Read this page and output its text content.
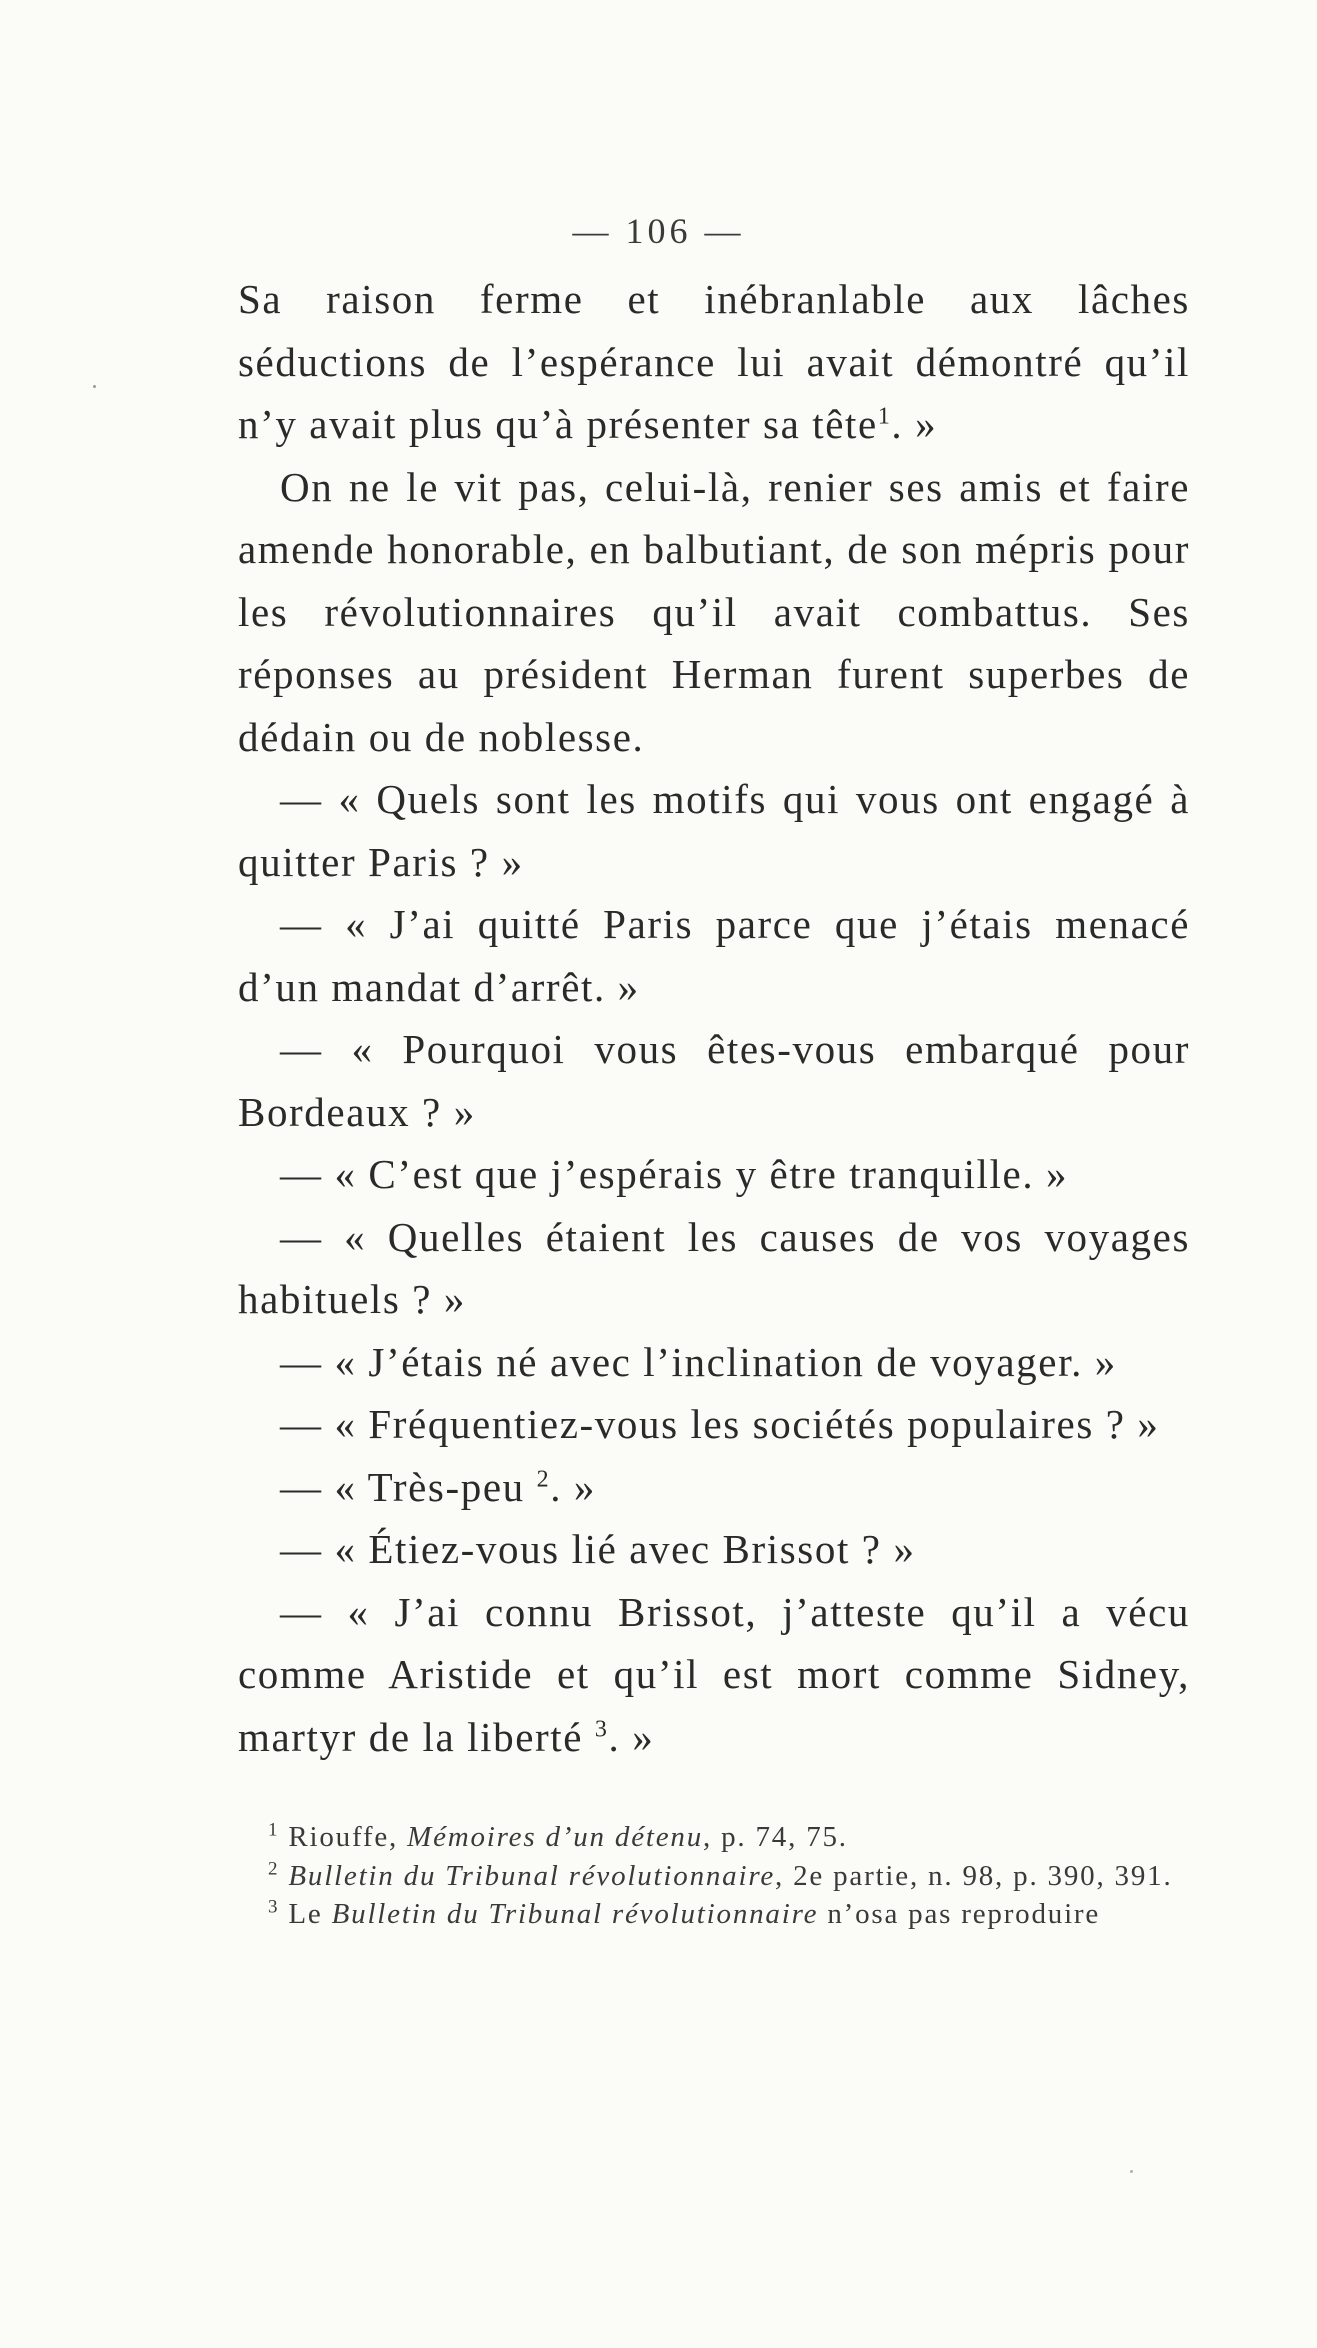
— 106 —

Sa raison ferme et inébranlable aux lâches séductions de l’espérance lui avait démontré qu’il n’y avait plus qu’à présenter sa tête$^1$. »

On ne le vit pas, celui-là, renier ses amis et faire amende honorable, en balbutiant, de son mépris pour les révolutionnaires qu’il avait combattus. Ses réponses au président Herman furent superbes de dédain ou de noblesse.

— « Quels sont les motifs qui vous ont engagé à quitter Paris ? »

— « J’ai quitté Paris parce que j’étais menacé d’un mandat d’arrêt. »

— « Pourquoi vous êtes-vous embarqué pour Bordeaux ? »

— « C’est que j’espérais y être tranquille. »

— « Quelles étaient les causes de vos voyages habituels ? »

— « J’étais né avec l’inclination de voyager. »

— « Fréquentiez-vous les sociétés populaires ? »

— « Très-peu $^2$. »

— « Étiez-vous lié avec Brissot ? »

— « J’ai connu Brissot, j’atteste qu’il a vécu comme Aristide et qu’il est mort comme Sidney, martyr de la liberté $^3$. »

$^1$ Riouffe, Mémoires d’un détenu, p. 74, 75.

$^2$ Bulletin du Tribunal révolutionnaire, 2e partie, n. 98, p. 390, 391.

$^3$ Le Bulletin du Tribunal révolutionnaire n’osa pas reproduire
